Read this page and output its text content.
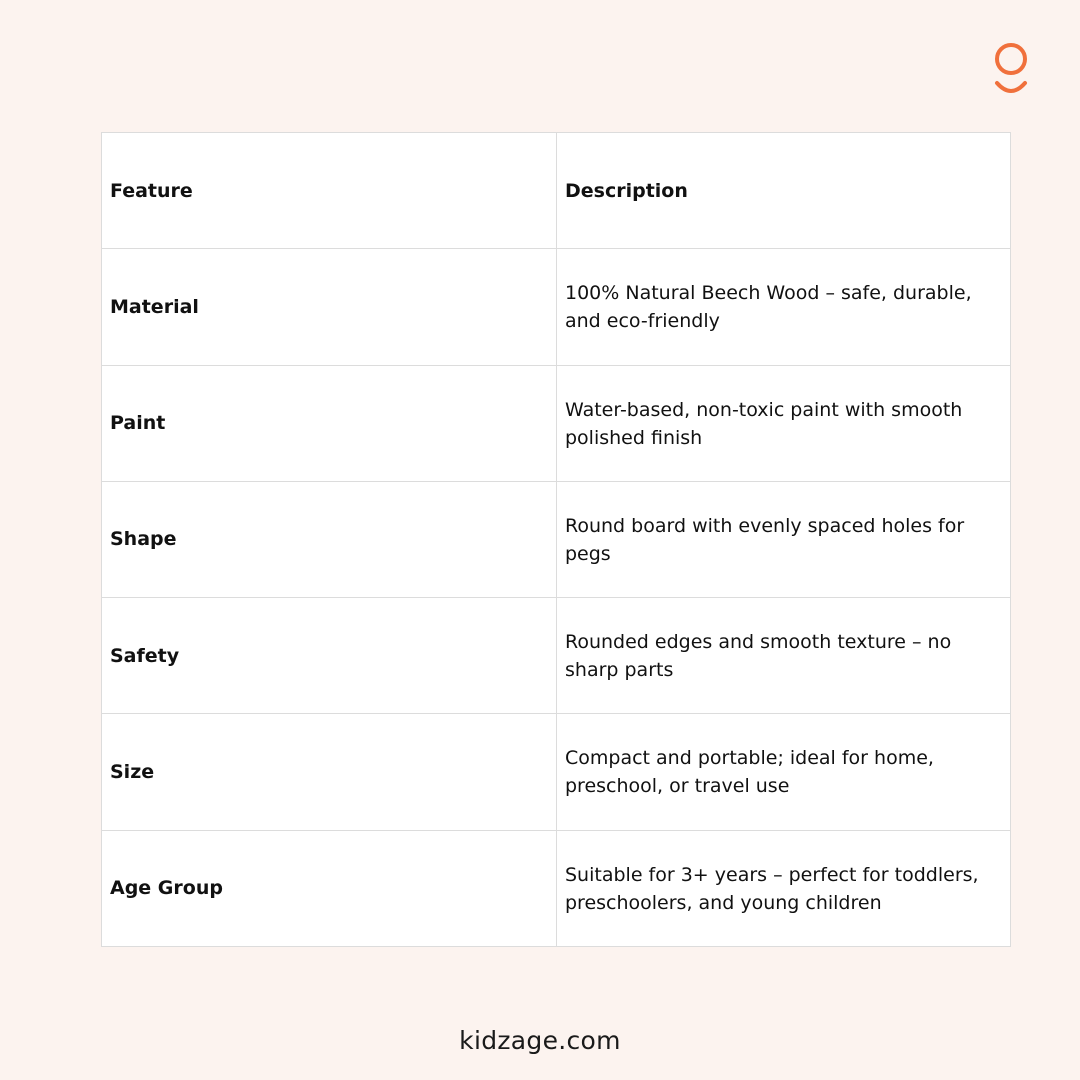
Feature	Description
Material	100% Natural Beech Wood – safe, durable, and eco-friendly
Paint	Water-based, non-toxic paint with smooth polished finish
Shape	Round board with evenly spaced holes for pegs
Safety	Rounded edges and smooth texture – no sharp parts
Size	Compact and portable; ideal for home, preschool, or travel use
Age Group	Suitable for 3+ years – perfect for toddlers, preschoolers, and young children
kidzage.com
